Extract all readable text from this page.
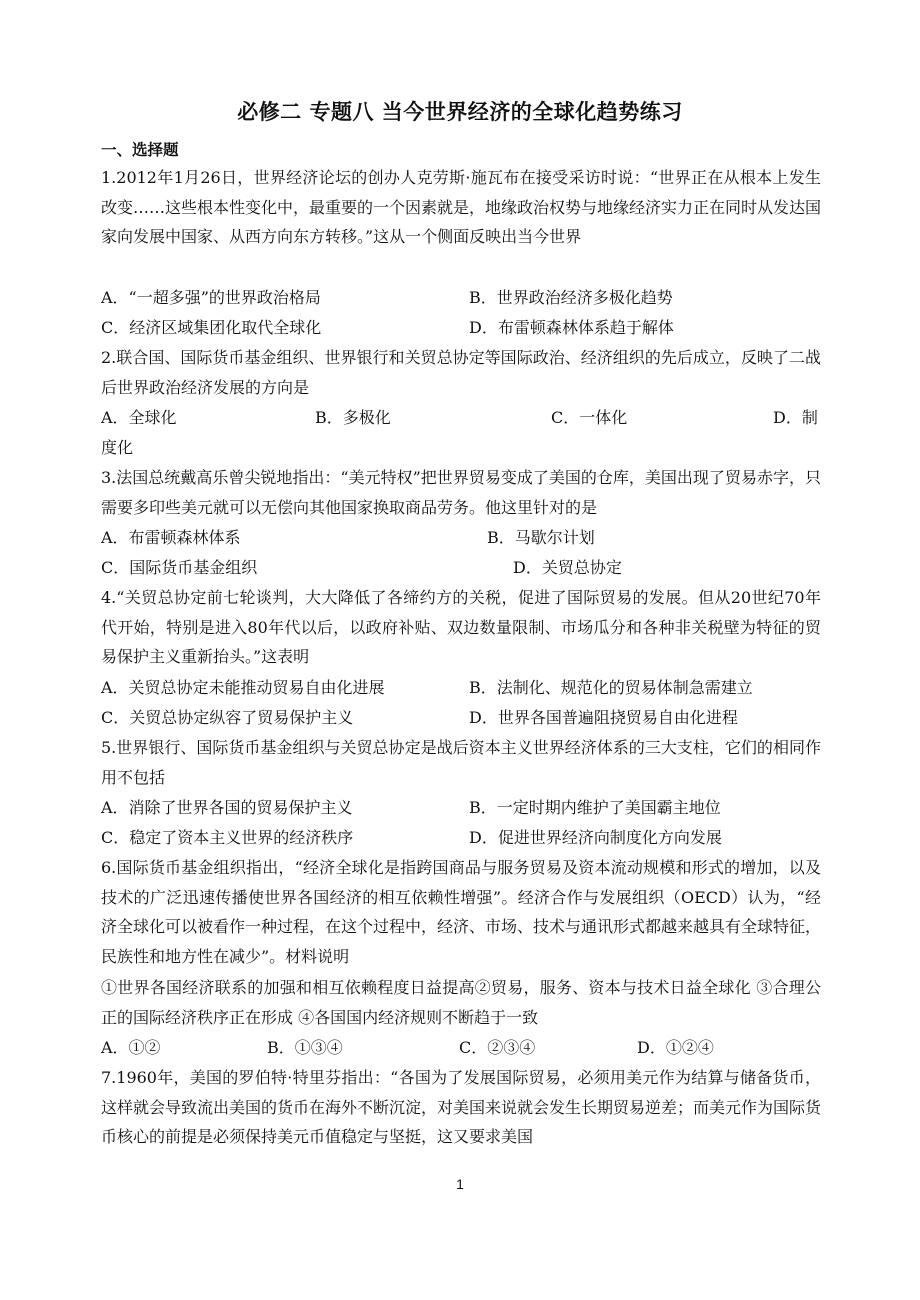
必修二 专题八 当今世界经济的全球化趋势练习
一、选择题
1.2012年1月26日，世界经济论坛的创办人克劳斯·施瓦布在接受采访时说：“世界正在从根本上发生改变……这些根本性变化中，最重要的一个因素就是，地缘政治权势与地缘经济实力正在同时从发达国家向发展中国家、从西方向东方转移。”这从一个侧面反映出当今世界
A．“一超多强”的世界政治格局	B．世界政治经济多极化趋势
C．经济区域集团化取代全球化	D．布雷顿森林体系趋于解体
2.联合国、国际货币基金组织、世界银行和关贸总协定等国际政治、经济组织的先后成立，反映了二战后世界政治经济发展的方向是
A．全球化	B．多极化	C．一体化	D．制
度化
3.法国总统戴高乐曾尖锐地指出：“美元特权”把世界贸易变成了美国的仓库，美国出现了贸易赤字，只需要多印些美元就可以无偿向其他国家换取商品劳务。他这里针对的是
A．布雷顿森林体系	B．马歇尔计划
C．国际货币基金组织	D．关贸总协定
4.“关贸总协定前七轮谈判，大大降低了各缔约方的关税，促进了国际贸易的发展。但从20世纪70年代开始，特别是进入80年代以后，以政府补贴、双边数量限制、市场瓜分和各种非关税壁为特征的贸易保护主义重新抬头。”这表明
A．关贸总协定未能推动贸易自由化进展	B．法制化、规范化的贸易体制急需建立
C．关贸总协定纵容了贸易保护主义	D．世界各国普遍阻挠贸易自由化进程
5.世界银行、国际货币基金组织与关贸总协定是战后资本主义世界经济体系的三大支柱，它们的相同作用不包括
A．消除了世界各国的贸易保护主义	B．一定时期内维护了美国霸主地位
C．稳定了资本主义世界的经济秩序	D．促进世界经济向制度化方向发展
6.国际货币基金组织指出，“经济全球化是指跨国商品与服务贸易及资本流动规模和形式的增加，以及技术的广泛迅速传播使世界各国经济的相互依赖性增强”。经济合作与发展组织（OECD）认为，“经济全球化可以被看作一种过程，在这个过程中，经济、市场、技术与通讯形式都越来越具有全球特征，民族性和地方性在减少”。材料说明
①世界各国经济联系的加强和相互依赖程度日益提高②贸易，服务、资本与技术日益全球化 ③合理公正的国际经济秩序正在形成 ④各国国内经济规则不断趋于一致
A．①②	B．①③④	C．②③④	D．①②④
7.1960年，美国的罗伯特·特里芬指出：“各国为了发展国际贸易，必须用美元作为结算与储备货币，这样就会导致流出美国的货币在海外不断沉淀，对美国来说就会发生长期贸易逆差；而美元作为国际货币核心的前提是必须保持美元币值稳定与坚挺，这又要求美国
1
